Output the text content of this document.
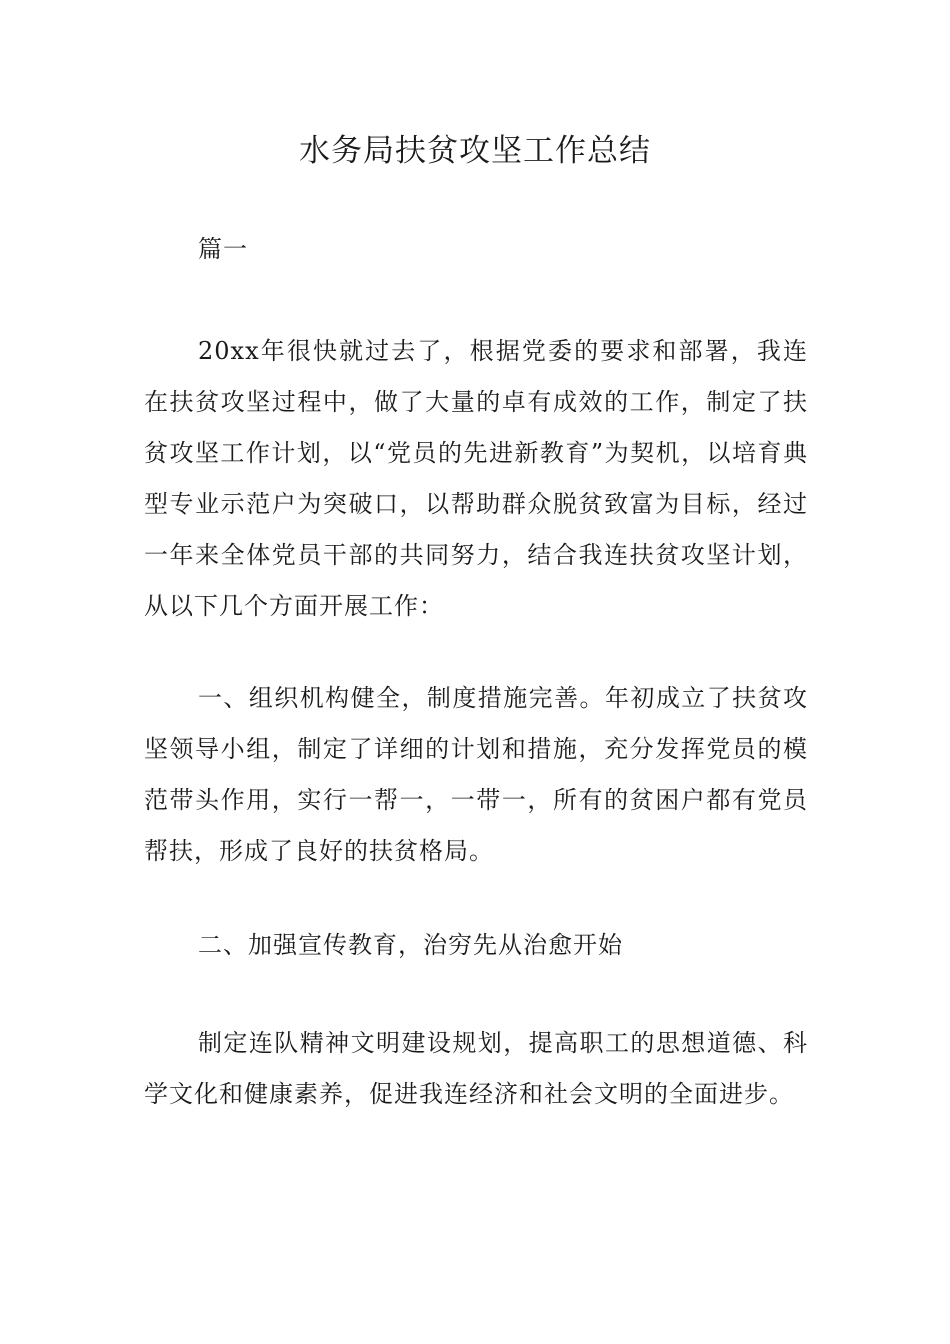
水务局扶贫攻坚工作总结

篇一

20xx年很快就过去了，根据党委的要求和部署，我连在扶贫攻坚过程中，做了大量的卓有成效的工作，制定了扶贫攻坚工作计划，以“党员的先进新教育”为契机，以培育典型专业示范户为突破口，以帮助群众脱贫致富为目标，经过一年来全体党员干部的共同努力，结合我连扶贫攻坚计划，从以下几个方面开展工作：

一、组织机构健全，制度措施完善。年初成立了扶贫攻坚领导小组，制定了详细的计划和措施，充分发挥党员的模范带头作用，实行一帮一，一带一，所有的贫困户都有党员帮扶，形成了良好的扶贫格局。

二、加强宣传教育，治穷先从治愈开始

制定连队精神文明建设规划，提高职工的思想道德、科学文化和健康素养，促进我连经济和社会文明的全面进步。
